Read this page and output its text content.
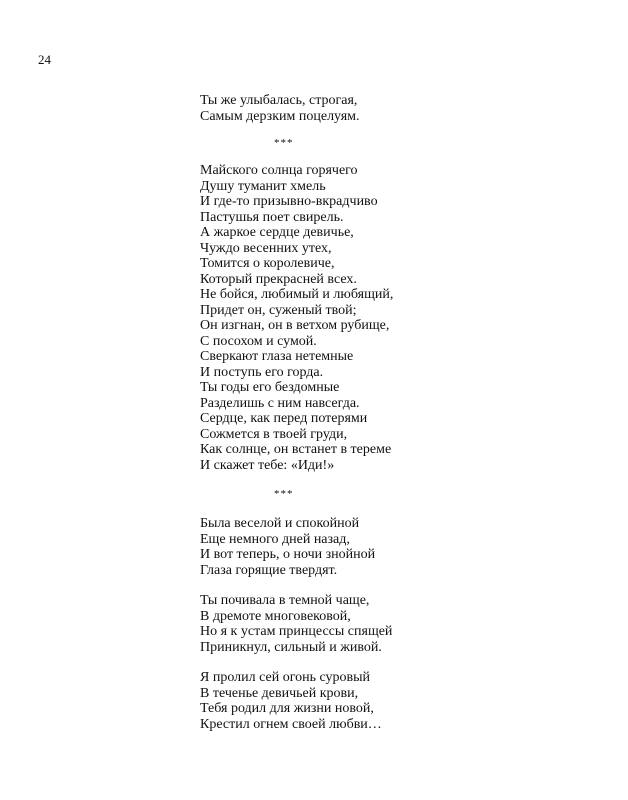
24
Ты же улыбалась, строгая,
Самым дерзким поцелуям.
***
Майского солнца горячего
Душу туманит хмель
И где-то призывно-вкрадчиво
Пастушья поет свирель.
А жаркое сердце девичье,
Чуждо весенних утех,
Томится о королевиче,
Который прекрасней всех.
Не бойся, любимый и любящий,
Придет он, суженый твой;
Он изгнан, он в ветхом рубище,
С посохом и сумой.
Сверкают глаза нетемные
И поступь его горда.
Ты годы его бездомные
Разделишь с ним навсегда.
Сердце, как перед потерями
Сожмется в твоей груди,
Как солнце, он встанет в тереме
И скажет тебе: «Иди!»
***
Была веселой и спокойной
Еще немного дней назад,
И вот теперь, о ночи знойной
Глаза горящие твердят.
Ты почивала в темной чаще,
В дремоте многовековой,
Но я к устам принцессы спящей
Приникнул, сильный и живой.
Я пролил сей огонь суровый
В теченье девичьей крови,
Тебя родил для жизни новой,
Крестил огнем своей любви…
